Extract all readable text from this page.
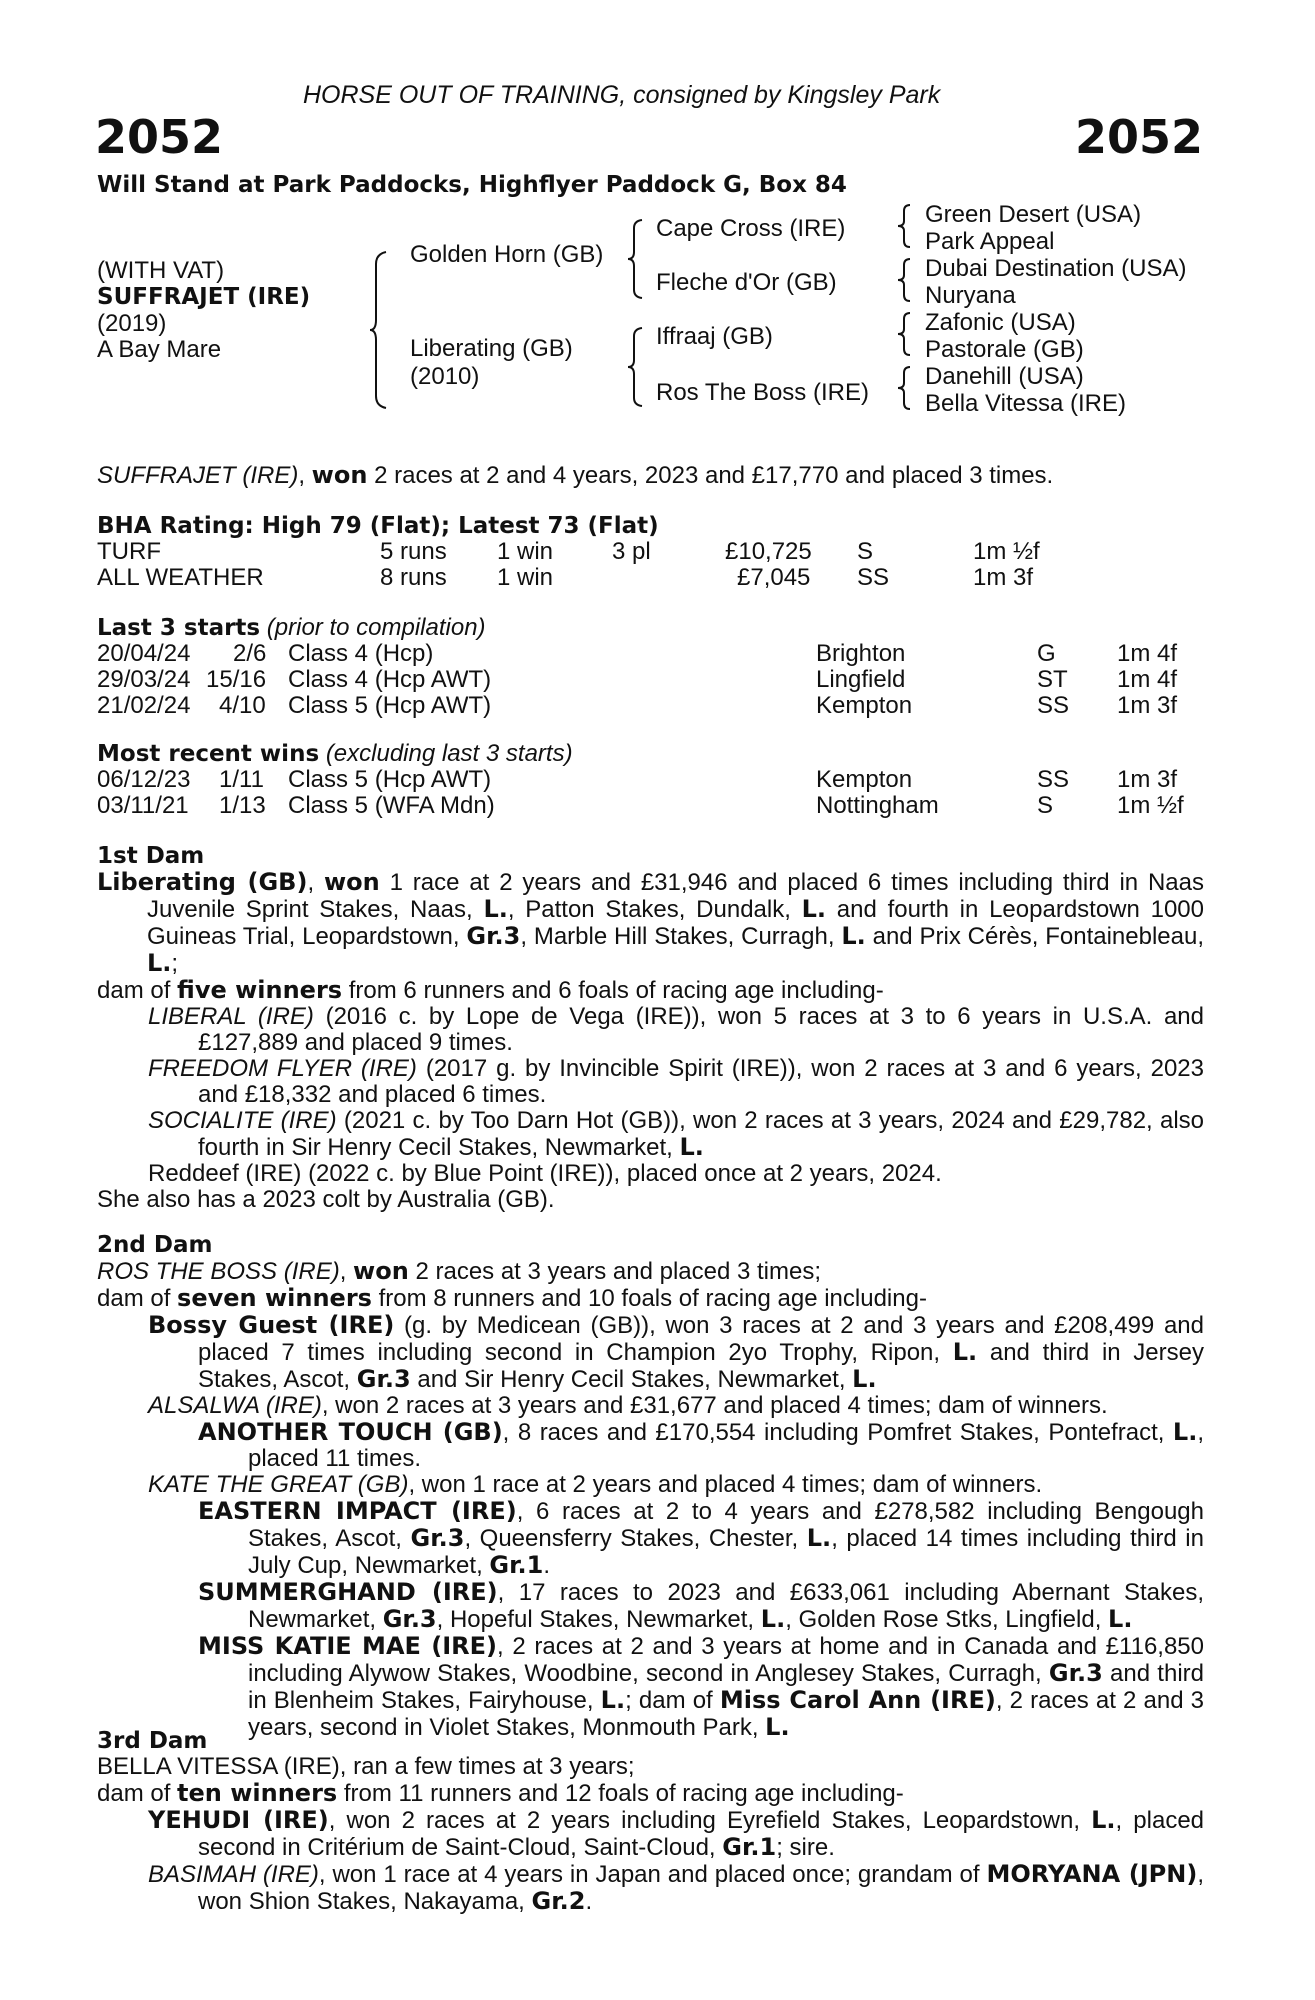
HORSE OUT OF TRAINING, consigned by Kingsley Park
2052	2052
Will Stand at Park Paddocks, Highflyer Paddock G, Box 84
(WITH VAT)
SUFFRAJET (IRE)
(2019)
A Bay Mare
Golden Horn (GB)
Liberating (GB)
(2010)
Cape Cross (IRE)
Fleche d'Or (GB)
Iffraaj (GB)
Ros The Boss (IRE)
Green Desert (USA)
Park Appeal
Dubai Destination (USA)
Nuryana
Zafonic (USA)
Pastorale (GB)
Danehill (USA)
Bella Vitessa (IRE)
SUFFRAJET (IRE), won 2 races at 2 and 4 years, 2023 and £17,770 and placed 3 times.
BHA Rating: High 79 (Flat); Latest 73 (Flat)
TURF	5 runs 1 win 3 pl	£10,725 S	1m ½f
ALL WEATHER	8 runs 1 win	£7,045 SS	1m 3f
Last 3 starts (prior to compilation)
20/04/24 2/6 Class 4 (Hcp)	Brighton	G	1m 4f
29/03/24 15/16 Class 4 (Hcp AWT)	Lingfield	ST 1m 4f
21/02/24 4/10 Class 5 (Hcp AWT)	Kempton	SS 1m 3f
Most recent wins (excluding last 3 starts)
06/12/23 1/11 Class 5 (Hcp AWT)	Kempton	SS 1m 3f
03/11/21 1/13 Class 5 (WFA Mdn)	Nottingham	S	1m ½f

1st Dam

Liberating (GB), won 1 race at 2 years and £31,946 and placed 6 times including third in Naas Juvenile Sprint Stakes, Naas, L., Patton Stakes, Dundalk, L. and fourth in Leopardstown 1000 Guineas Trial, Leopardstown, Gr.3, Marble Hill Stakes, Curragh, L. and Prix Cérès, Fontainebleau, L.;

dam of five winners from 6 runners and 6 foals of racing age including-

LIBERAL (IRE) (2016 c. by Lope de Vega (IRE)), won 5 races at 3 to 6 years in U.S.A. and £127,889 and placed 9 times.

FREEDOM FLYER (IRE) (2017 g. by Invincible Spirit (IRE)), won 2 races at 3 and 6 years, 2023 and £18,332 and placed 6 times.

SOCIALITE (IRE) (2021 c. by Too Darn Hot (GB)), won 2 races at 3 years, 2024 and £29,782, also fourth in Sir Henry Cecil Stakes, Newmarket, L.

Reddeef (IRE) (2022 c. by Blue Point (IRE)), placed once at 2 years, 2024.

She also has a 2023 colt by Australia (GB).

2nd Dam

ROS THE BOSS (IRE), won 2 races at 3 years and placed 3 times;

dam of seven winners from 8 runners and 10 foals of racing age including-

Bossy Guest (IRE) (g. by Medicean (GB)), won 3 races at 2 and 3 years and £208,499 and placed 7 times including second in Champion 2yo Trophy, Ripon, L. and third in Jersey Stakes, Ascot, Gr.3 and Sir Henry Cecil Stakes, Newmarket, L.

ALSALWA (IRE), won 2 races at 3 years and £31,677 and placed 4 times; dam of winners.

ANOTHER TOUCH (GB), 8 races and £170,554 including Pomfret Stakes, Pontefract, L., placed 11 times.

KATE THE GREAT (GB), won 1 race at 2 years and placed 4 times; dam of winners.

EASTERN IMPACT (IRE), 6 races at 2 to 4 years and £278,582 including Bengough Stakes, Ascot, Gr.3, Queensferry Stakes, Chester, L., placed 14 times including third in July Cup, Newmarket, Gr.1.

SUMMERGHAND (IRE), 17 races to 2023 and £633,061 including Abernant Stakes, Newmarket, Gr.3, Hopeful Stakes, Newmarket, L., Golden Rose Stks, Lingfield, L.

MISS KATIE MAE (IRE), 2 races at 2 and 3 years at home and in Canada and £116,850 including Alywow Stakes, Woodbine, second in Anglesey Stakes, Curragh, Gr.3 and third in Blenheim Stakes, Fairyhouse, L.; dam of Miss Carol Ann (IRE), 2 races at 2 and 3 years, second in Violet Stakes, Monmouth Park, L.

3rd Dam

BELLA VITESSA (IRE), ran a few times at 3 years;

dam of ten winners from 11 runners and 12 foals of racing age including-

YEHUDI (IRE), won 2 races at 2 years including Eyrefield Stakes, Leopardstown, L., placed second in Critérium de Saint-Cloud, Saint-Cloud, Gr.1; sire.

BASIMAH (IRE), won 1 race at 4 years in Japan and placed once; grandam of MORYANA (JPN), won Shion Stakes, Nakayama, Gr.2.
